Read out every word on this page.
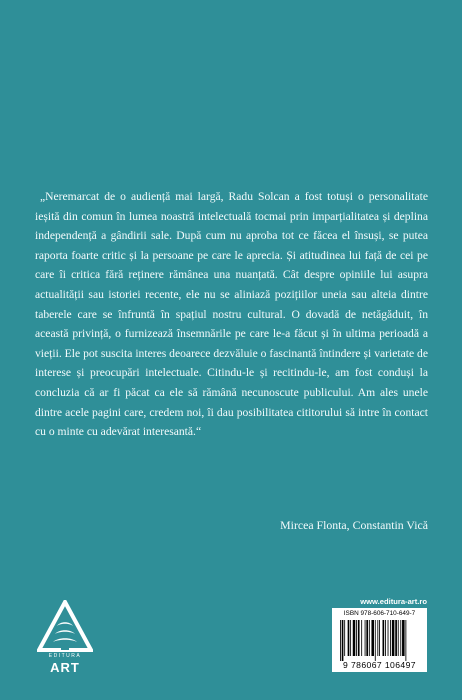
„Neremarcat de o audiență mai largă, Radu Solcan a fost totuși o personalitate ieșită din comun în lumea noastră intelectuală tocmai prin imparțialitatea și deplina independență a gândirii sale. După cum nu aproba tot ce făcea el însuși, se putea raporta foarte critic și la persoane pe care le aprecia. Și atitudinea lui față de cei pe care îi critica fără reținere rămânea una nuanțată. Cât despre opiniile lui asupra actualității sau istoriei recente, ele nu se aliniază pozițiilor uneia sau alteia dintre taberele care se înfruntă în spațiul nostru cultural. O dovadă de netăgăduit, în această privință, o furnizează însemnările pe care le-a făcut și în ultima perioadă a vieții. Ele pot suscita interes deoarece dezvăluie o fascinantă întindere și varietate de interese și preocupări intelectuale. Citindu-le și recitindu-le, am fost conduși la concluzia că ar fi păcat ca ele să rămână necunoscute publicului. Am ales unele dintre acele pagini care, credem noi, îi dau posibilitatea cititorului să intre în contact cu o minte cu adevărat interesantă.“

Mircea Flonta, Constantin Vică

EDITURA
ART
www.editura-art.ro
ISBN 978-606-710-649-7
9 786067 106497
